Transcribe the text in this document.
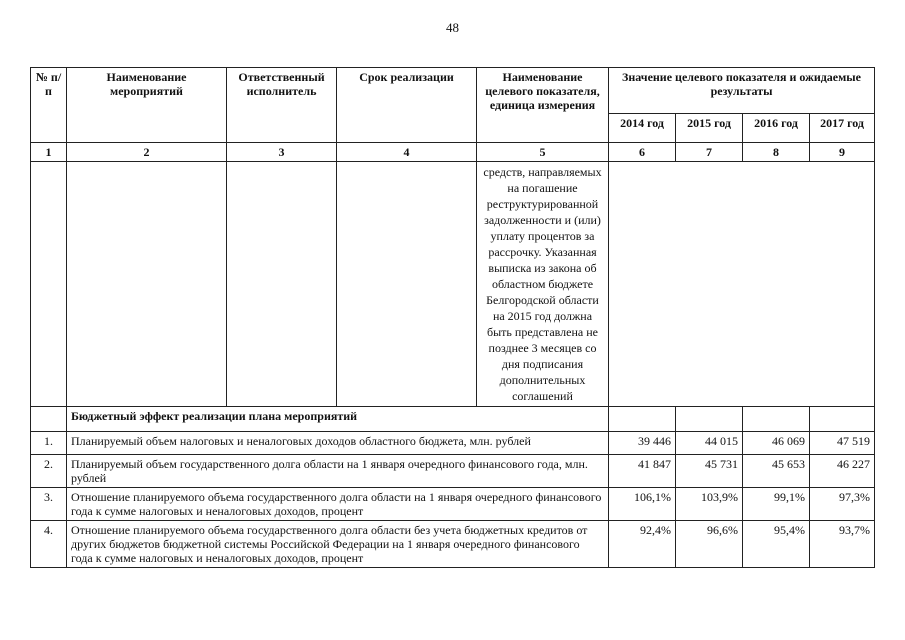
48
№ п/п	Наименование мероприятий	Ответственный исполнитель	Срок реализации	Наименование целевого показателя, единица измерения	Значение целевого показателя и ожидаемые результаты			
					2014 год	2015 год	2016 год	2017 год
1	2	3	4	5	6	7	8	9
				средств, направляемых на погашение реструктурированной задолженности и (или) уплату процентов за рассрочку. Указанная выписка из закона об областном бюджете Белгородской области на 2015 год должна быть представлена не позднее 3 месяцев со дня подписания дополнительных соглашений				
	Бюджетный эффект реализации плана мероприятий							
1.	Планируемый объем налоговых и неналоговых доходов областного бюджета, млн. рублей				39 446	44 015	46 069	47 519
2.	Планируемый объем государственного долга области на 1 января очередного финансового года, млн. рублей				41 847	45 731	45 653	46 227
3.	Отношение планируемого объема государственного долга области на 1 января очередного финансового года к сумме налоговых и неналоговых доходов, процент				106,1%	103,9%	99,1%	97,3%
4.	Отношение планируемого объема государственного долга области без учета бюджетных кредитов от других бюджетов бюджетной системы Российской Федерации на 1 января очередного финансового года к сумме налоговых и неналоговых доходов, процент				92,4%	96,6%	95,4%	93,7%
